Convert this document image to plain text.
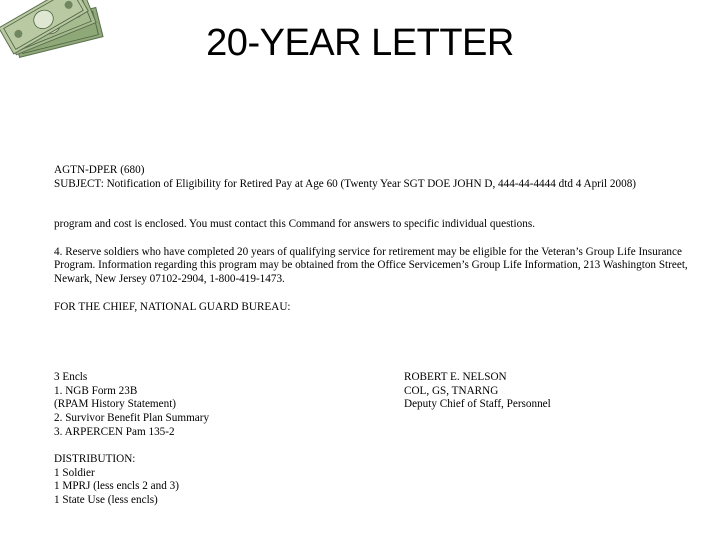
20-YEAR LETTER
AGTN-DPER (680)
SUBJECT: Notification of Eligibility for Retired Pay at Age 60 (Twenty Year SGT DOE JOHN D, 444-44-4444 dtd 4 April 2008)
program and cost is enclosed. You must contact this Command for answers to specific individual questions.
4. Reserve soldiers who have completed 20 years of qualifying service for retirement may be eligible for the Veteran’s Group Life Insurance Program. Information regarding this program may be obtained from the Office Servicemen’s Group Life Information, 213 Washington Street, Newark, New Jersey 07102-2904, 1-800-419-1473.
FOR THE CHIEF, NATIONAL GUARD BUREAU:
3 Encls
1. NGB Form 23B
(RPAM History Statement)
2. Survivor Benefit Plan Summary
3. ARPERCEN Pam 135-2
ROBERT E. NELSON
COL, GS, TNARNG
Deputy Chief of Staff, Personnel
DISTRIBUTION:
1 Soldier
1 MPRJ (less encls 2 and 3)
1 State Use (less encls)
